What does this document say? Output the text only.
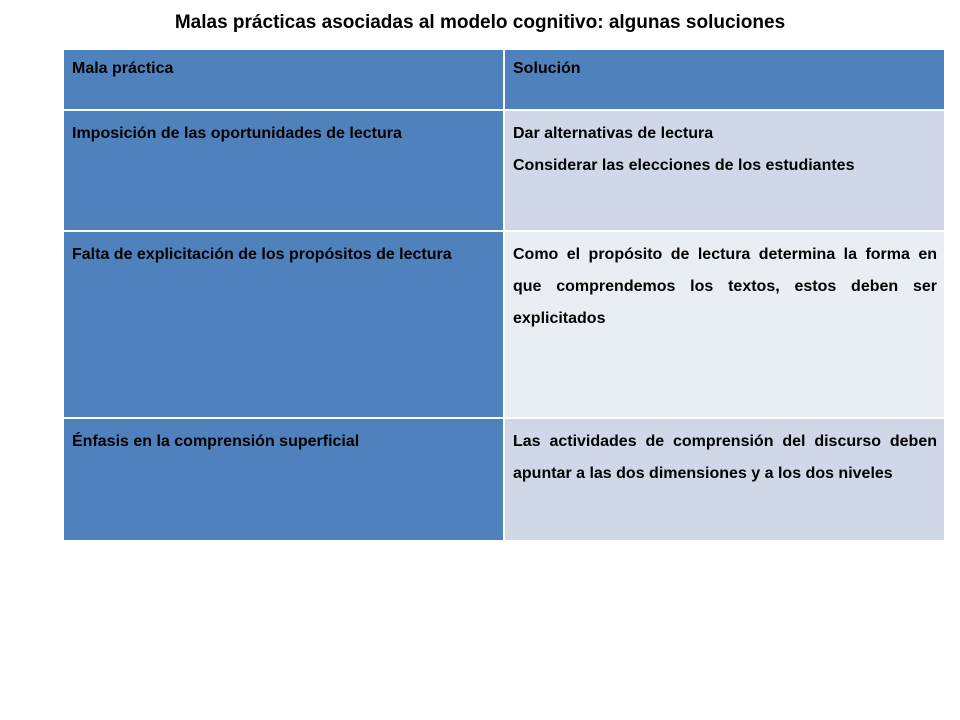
Malas prácticas asociadas al modelo cognitivo: algunas soluciones
Mala práctica	Solución
Imposición de las oportunidades de lectura	Dar alternativas de lectura
Considerar las elecciones de los estudiantes

Falta de explicitación de los propósitos de lectura	Como el propósito de lectura determina la forma en que comprendemos los textos, estos deben ser explicitados

Énfasis en la comprensión superficial	Las actividades de comprensión del discurso deben apuntar a las dos dimensiones y a los dos niveles
